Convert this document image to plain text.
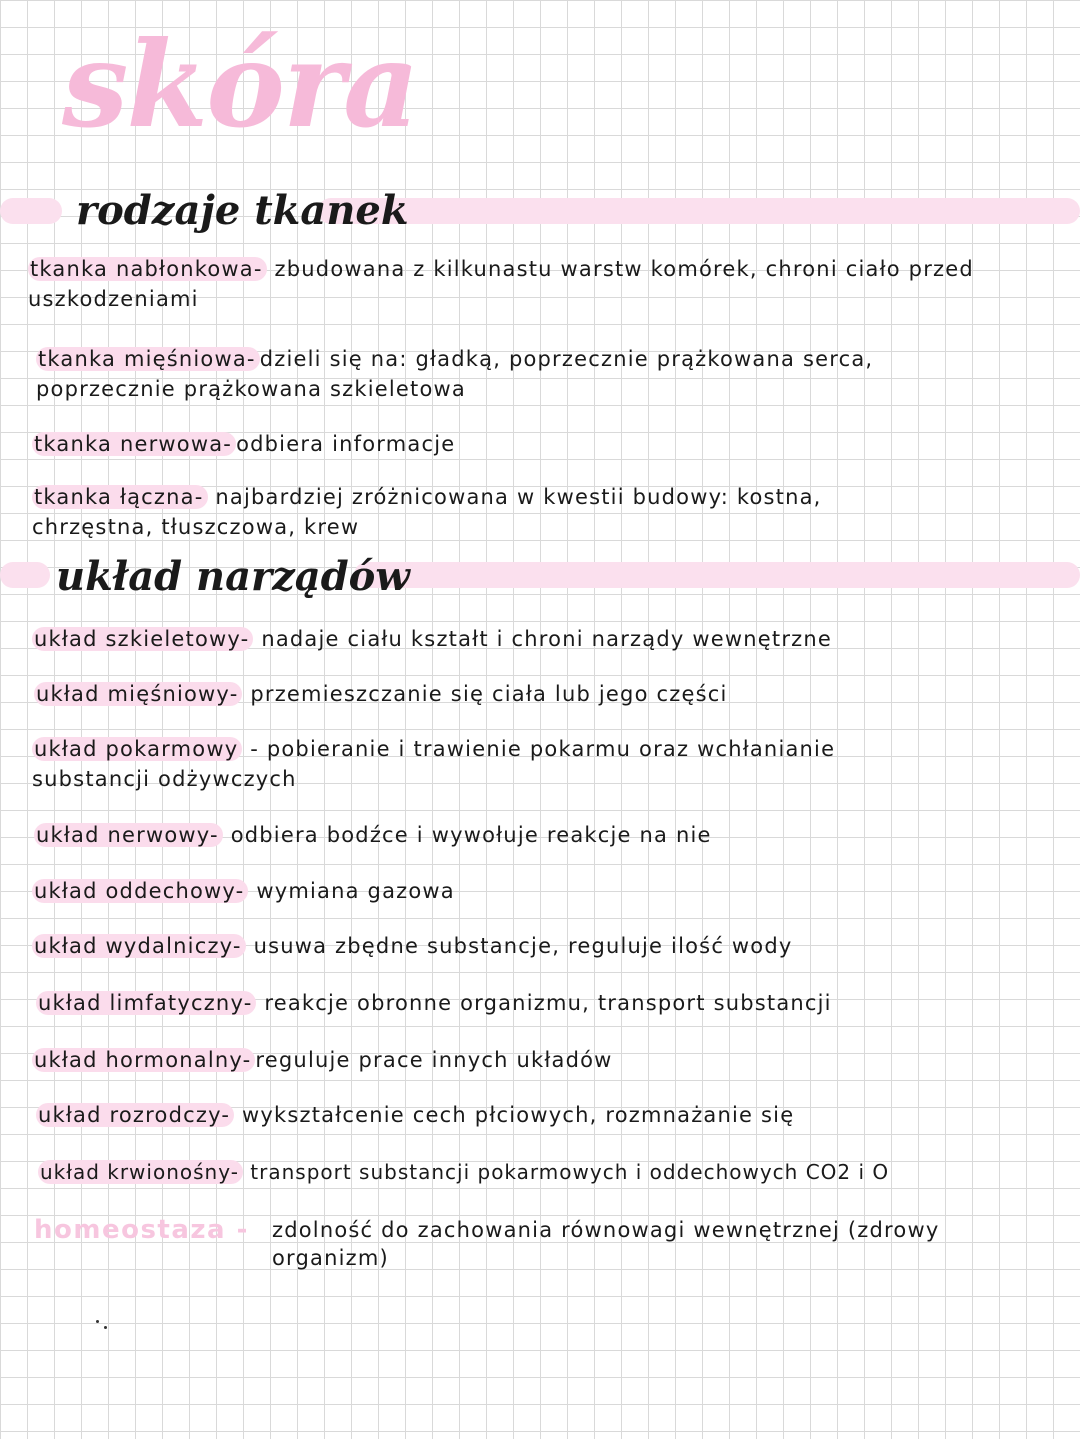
skóra
rodzaje tkanek
tkanka nabłonkowa- zbudowana z kilkunastu warstw komórek, chroni ciało przed uszkodzeniami
tkanka mięśniowa- dzieli się na: gładką, poprzecznie prążkowana serca, poprzecznie prążkowana szkieletowa
tkanka nerwowa- odbiera informacje
tkanka łączna- najbardziej zróżnicowana w kwestii budowy: kostna, chrzęstna, tłuszczowa, krew
układ narządów
układ szkieletowy- nadaje ciału kształt i chroni narządy wewnętrzne
układ mięśniowy- przemieszczanie się ciała lub jego części
układ pokarmowy - pobieranie i trawienie pokarmu oraz wchłanianie substancji odżywczych
układ nerwowy- odbiera bodźce i wywołuje reakcje na nie
układ oddechowy- wymiana gazowa
układ wydalniczy- usuwa zbędne substancje, reguluje ilość wody
układ limfatyczny- reakcje obronne organizmu, transport substancji
układ hormonalny- reguluje prace innych układów
układ rozrodczy- wykształcenie cech płciowych, rozmnażanie się
układ krwionośny- transport substancji pokarmowych i oddechowych CO2 i O
homeostaza - zdolność do zachowania równowagi wewnętrznej (zdrowy organizm)
